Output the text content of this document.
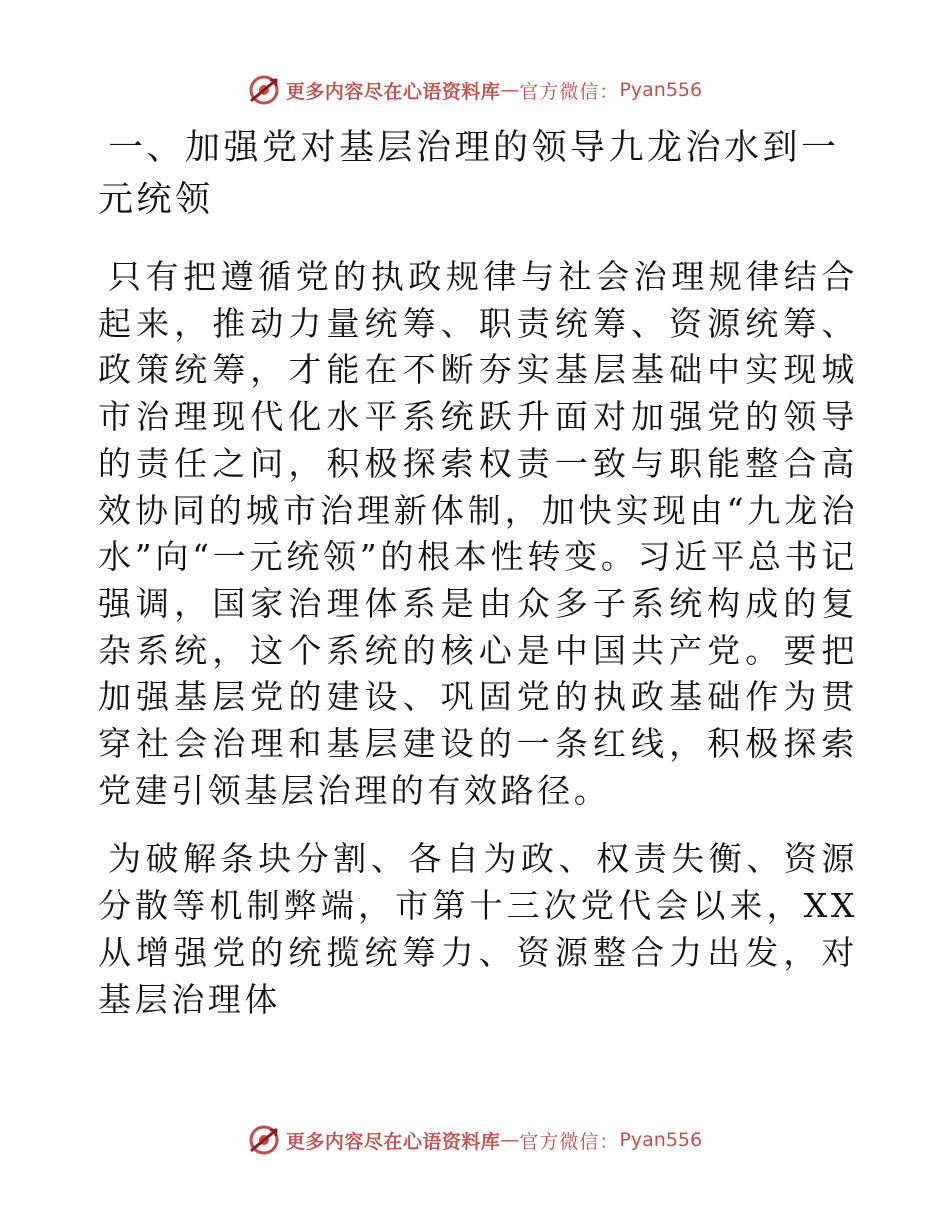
更多内容尽在心语资料库 — 官方微信： Pyan556
一、加强党对基层治理的领导九龙治水到一元统领

只有把遵循党的执政规律与社会治理规律结合起来，推动力量统筹、职责统筹、资源统筹、政策统筹，才能在不断夯实基层基础中实现城市治理现代化水平系统跃升面对加强党的领导的责任之问，积极探索权责一致与职能整合高效协同的城市治理新体制，加快实现由“九龙治水”向“一元统领”的根本性转变。习近平总书记强调，国家治理体系是由众多子系统构成的复杂系统，这个系统的核心是中国共产党。要把加强基层党的建设、巩固党的执政基础作为贯穿社会治理和基层建设的一条红线，积极探索党建引领基层治理的有效路径。

为破解条块分割、各自为政、权责失衡、资源分散等机制弊端，市第十三次党代会以来，XX从增强党的统揽统筹力、资源整合力出发，对基层治理体

更多内容尽在心语资料库 — 官方微信： Pyan556
